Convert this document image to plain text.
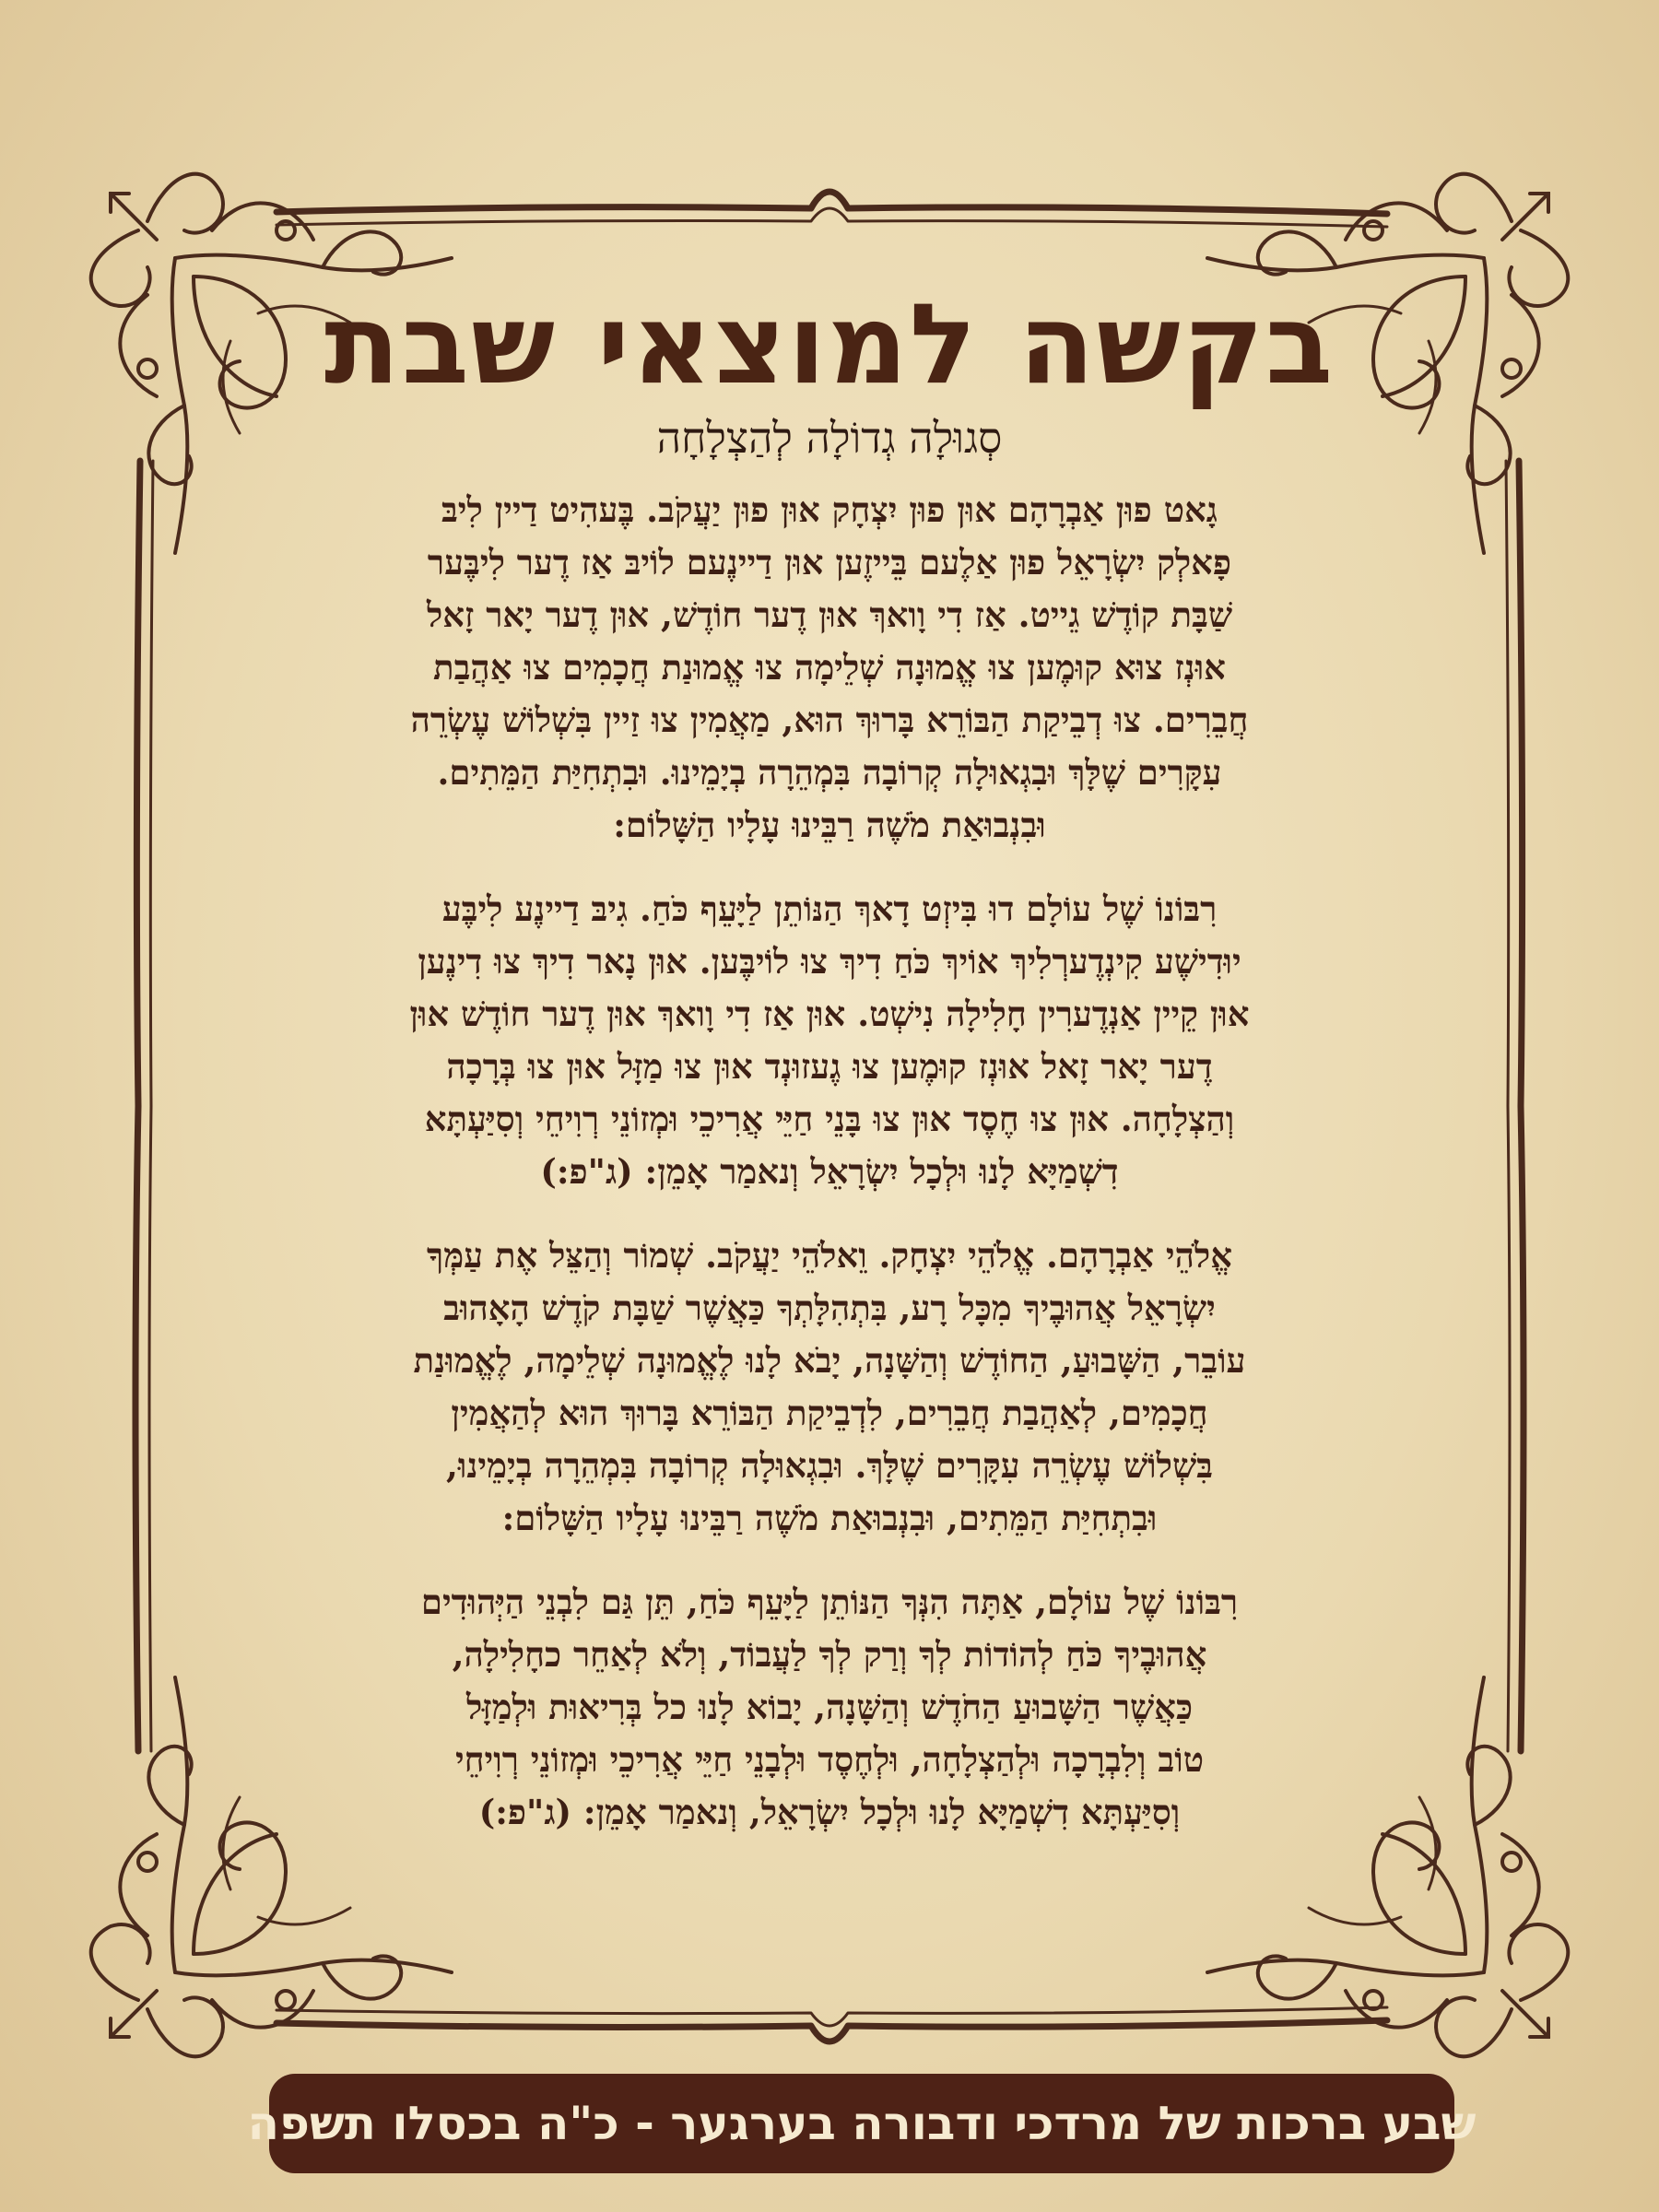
בקשה למוצאי שבת
סְגוּלָה גְדוֹלָה לְהַצְלָחָה
גָאט פוּן אַבְרָהָם אוּן פוּן יִצְחָק אוּן פוּן יַעֲקֹב. בֶּעהִיט דַיין לִיבּ
פָאלְק יִשְׂרָאֵל פוּן אַלֶעם בֵּייזֶען אוּן דַיינֶעם לוֹיבּ אַז דֶער לִיבֶּער
שַׁבָּת קוֹדֶשׁ גֵייט. אַז דִי וָואךְ אוּן דֶער חוֹדֶשׁ, אוּן דֶער יָאר זָאל
אוּנְז צוּא קוּמֶען צוּ אֱמוּנָה שְׁלֵימָה צוּ אֱמוּנַת חֲכָמִים צוּ אַהֲבַת
חֲבֵרִים. צוּ דְבֵיקַת הַבּוֹרֵא בָּרוּךְ הוּא, מַאֲמִין צוּ זַיין בִּשְׁלוֹשׁ עֶשְׂרֵה
עִקָּרִים שֶׁלָּךְ וּבִגְאוּלָה קְרוֹבָה בִּמְהֵרָה בְיָמֵינוּ. וּבִתְחִיַּת הַמֵּתִים.
וּבִנְבוּאַת מֹשֶׁה רַבֵּינוּ עָלָיו הַשָּׁלוֹם:
רִבּוֹנוֹ שֶׁל עוֹלָם דוּ בִּיזְט דָאךְ הַנּוֹתֵן לַיָּעֵף כֹּחַ. גִיבּ דַיינֶע לִיבֶּע
יוּדִישֶׁע קִינְדֶערְלִיךְ אוֹיךְ כֹּחַ דִיךְ צוּ לוֹיבֶּען. אוּן נָאר דִיךְ צוּ דִינֶען
אוּן קֵיין אַנְדֶערִין חָלִילָה נִישְׁט. אוּן אַז דִי וָואךְ אוּן דֶער חוֹדֶשׁ אוּן
דֶער יָאר זָאל אוּנְז קוּמֶען צוּ גֶעזוּנְד אוּן צוּ מַזָּל אוּן צוּ בְּרָכָה
וְהַצְלָחָה. אוּן צוּ חֶסֶד אוּן צוּ בָּנֵי חַיֵּי אֲרִיכֵי וּמְזוֹנֵי רְוִיחֵי וְסִיַּעְתָּא
דִשְׁמַיָּא לָנוּ וּלְכָל יִשְׂרָאֵל וְנאמַר אָמֵן: (ג"פ:)
אֱלֹהֵי אַבְרָהָם. אֱלֹהֵי יִצְחָק. וֵאלֹהֵי יַעֲקֹב. שְׁמוֹר וְהַצֵּל אֶת עַמְּךָ
יִשְׂרָאֵל אֲהוּבֶיךָ מִכָּל רָע, בִּתְהִלָּתְךָ כַּאֲשֶׁר שַׁבָּת קֹדֶשׁ הָאָהוּב
עוֹבֵר, הַשָּׁבוּעַ, הַחוֹדֶשׁ וְהַשָּׁנָה, יָבֹא לָנוּ לֶאֱמוּנָה שְׁלֵימָה, לֶאֱמוּנַת
חֲכָמִים, לְאַהֲבַת חֲבֵרִים, לִדְבֵיקַת הַבּוֹרֵא בָּרוּךְ הוּא לְהַאֲמִין
בִּשְׁלוֹשׁ עֶשְׂרֵה עִקָּרִים שֶׁלָּךְ. וּבִגְאוּלָה קְרוֹבָה בִּמְהֵרָה בְיָמֵינוּ,
וּבִתְחִיַּת הַמֵּתִים, וּבִנְבוּאַת מֹשֶׁה רַבֵּינוּ עָלָיו הַשָּׁלוֹם:
רִבּוֹנוֹ שֶׁל עוֹלָם, אַתָּה הִנְּךָ הַנּוֹתֵן לַיָּעֵף כֹּחַ, תֵּן גַּם לִבְנֵי הַיְּהוּדִים
אֲהוּבֶיךָ כֹּחַ לְהוֹדוֹת לְךָ וְרַק לְךָ לַעֲבוֹד, וְלֹא לְאַחֵר כחָלִילָה,
כַּאֲשֶׁר הַשָּׁבוּעַ הַחֹדֶשׁ וְהַשָּׁנָה, יָבוֹא לָנוּ כל בְּרִיאוּת וּלְמַזָּל
טוֹב וְלִבְרָכָה וּלְהַצְלָחָה, וּלְחֶסֶד וּלְבָנֵי חַיֵּי אֲרִיכֵי וּמְזוֹנֵי רְוִיחֵי
וְסִיַּעְתָּא דִשְׁמַיָּא לָנוּ וּלְכָל יִשְׂרָאֵל, וְנאמַר אָמֵן: (ג"פ:)
שבע ברכות של מרדכי ודבורה בערגער - כ"ה בכסלו תשפה
